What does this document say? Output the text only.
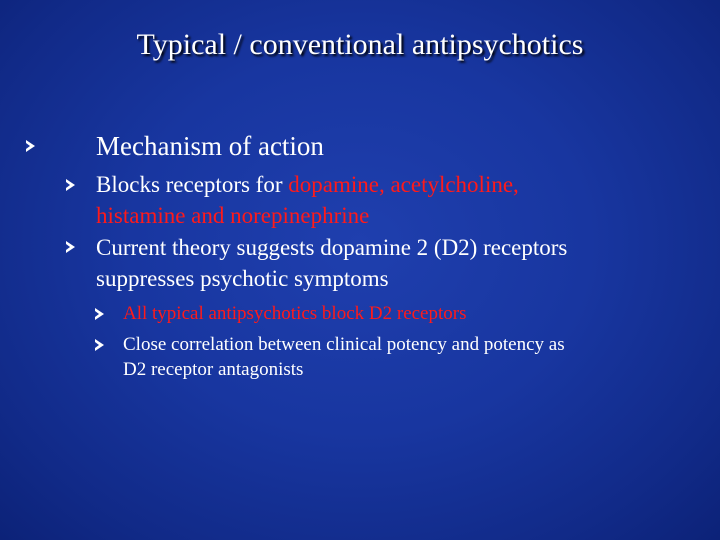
Typical / conventional antipsychotics
Mechanism of action
Blocks receptors for dopamine, acetylcholine,
histamine and norepinephrine
Current theory suggests dopamine 2 (D2) receptors
suppresses psychotic symptoms
All typical antipsychotics block D2 receptors
Close correlation between clinical potency and potency as
D2 receptor antagonists
